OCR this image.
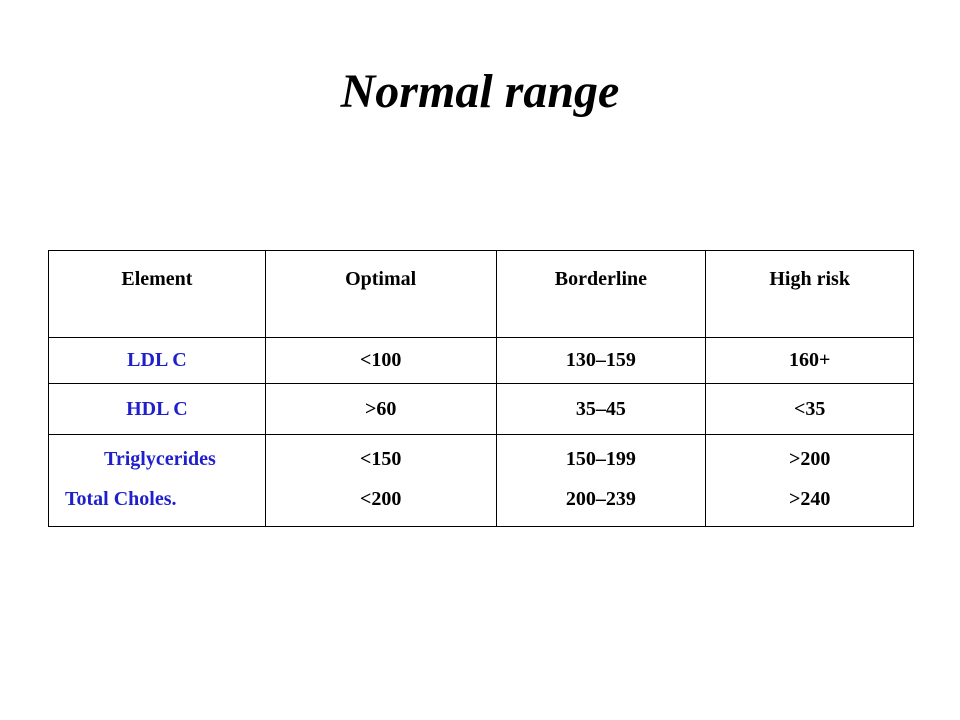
Normal range
Element	Optimal	Borderline	High risk
LDL C	<100	130–159	160+
HDL C	>60	35–45	<35
Triglycerides	<150	150–199	>200
Total Choles.	<200	200–239	>240
